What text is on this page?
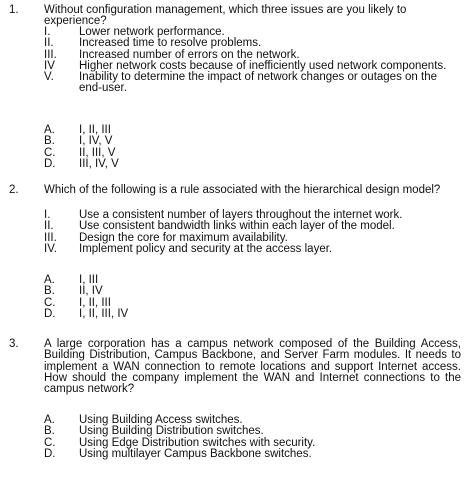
1. Without configuration management, which three issues are you likely to experience?
I. Lower network performance.
II. Increased time to resolve problems.
III. Increased number of errors on the network.
IV Higher network costs because of inefficiently used network components.
V. Inability to determine the impact of network changes or outages on the end-user.
A. I, II, III
B. I, IV, V
C. II, III, V
D. III, IV, V
2. Which of the following is a rule associated with the hierarchical design model?
I. Use a consistent number of layers throughout the internet work.
II. Use consistent bandwidth links within each layer of the model.
III. Design the core for maximum availability.
IV. Implement policy and security at the access layer.
A. I, III
B. II, IV
C. I, II, III
D. I, II, III, IV
3. A large corporation has a campus network composed of the Building Access, Building Distribution, Campus Backbone, and Server Farm modules. It needs to implement a WAN connection to remote locations and support Internet access. How should the company implement the WAN and Internet connections to the campus network?
A. Using Building Access switches.
B. Using Building Distribution switches.
C. Using Edge Distribution switches with security.
D. Using multilayer Campus Backbone switches.
